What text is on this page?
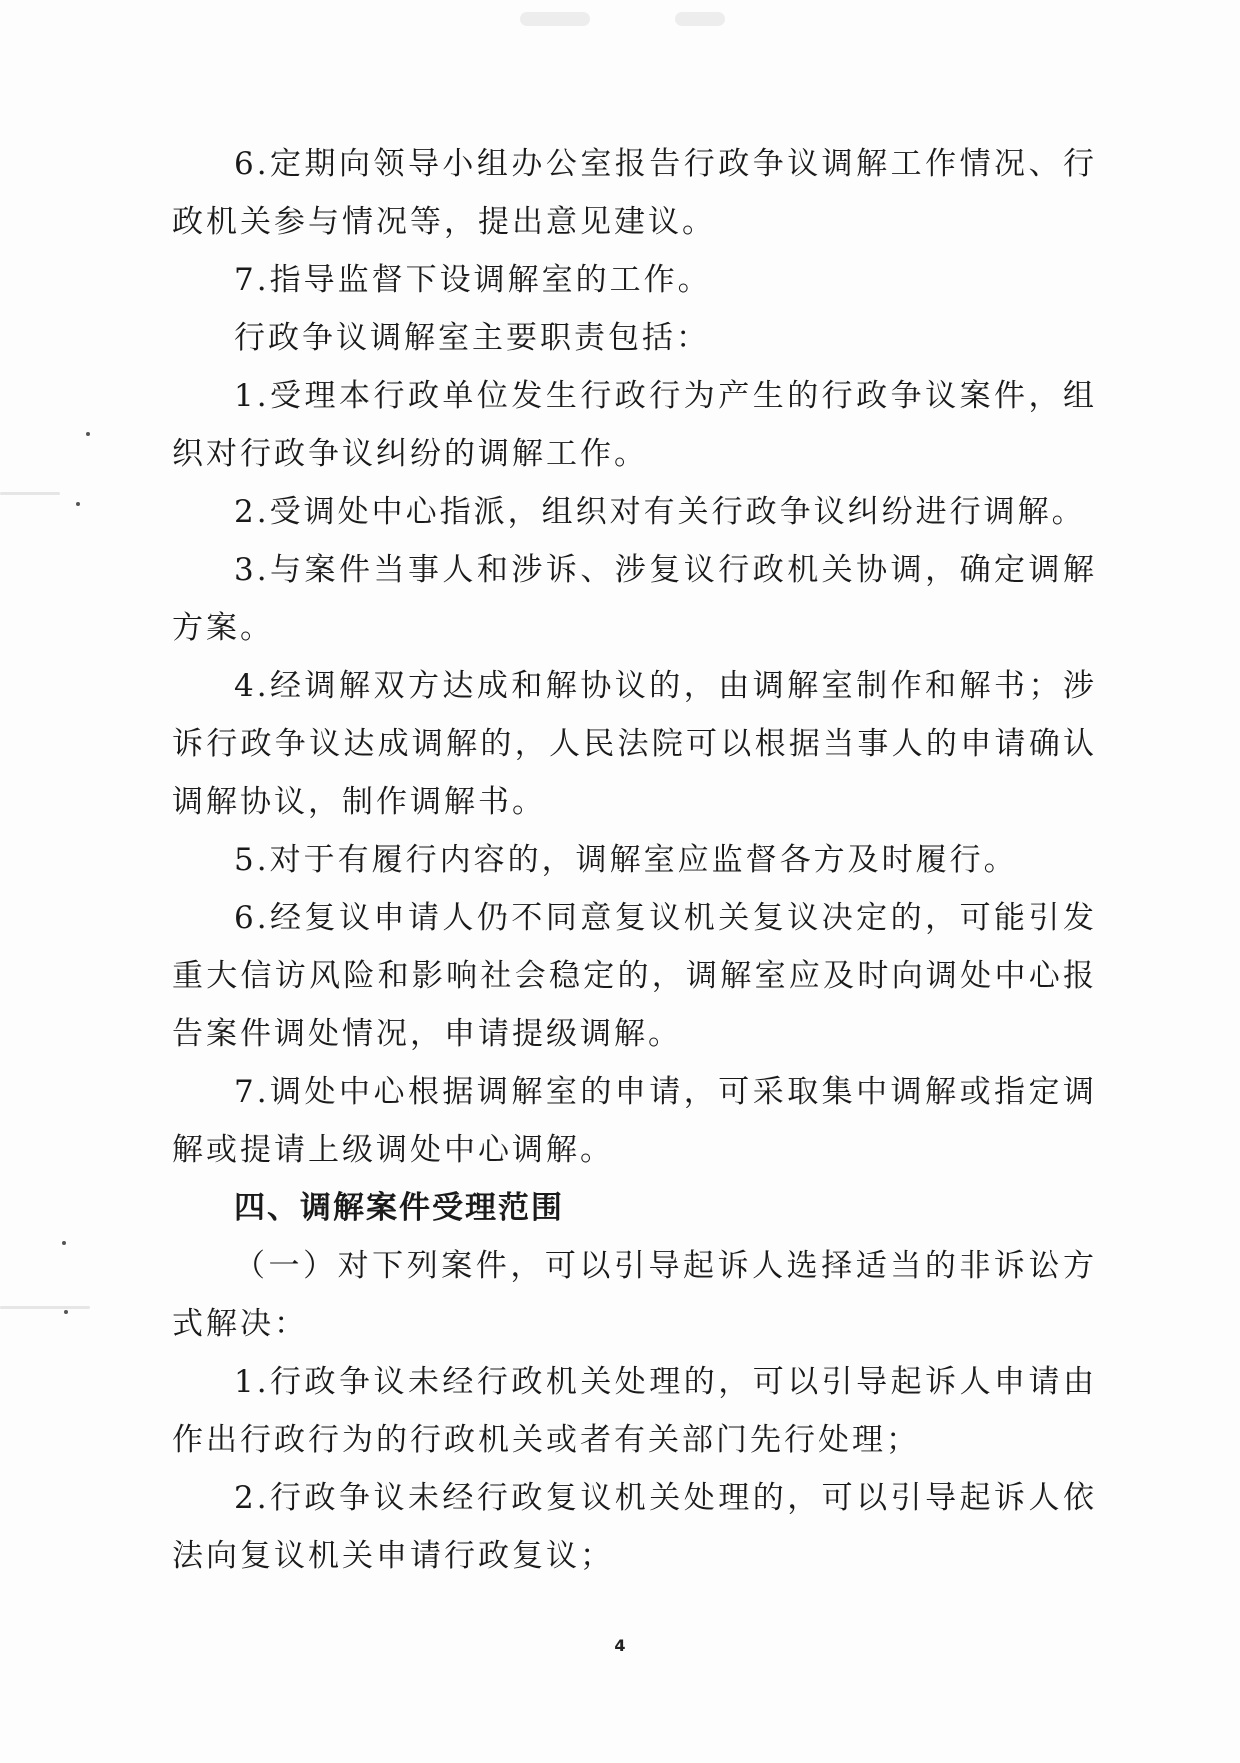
6.定期向领导小组办公室报告行政争议调解工作情况、行政机关参与情况等，提出意见建议。

7.指导监督下设调解室的工作。

行政争议调解室主要职责包括：

1.受理本行政单位发生行政行为产生的行政争议案件，组织对行政争议纠纷的调解工作。

2.受调处中心指派，组织对有关行政争议纠纷进行调解。

3.与案件当事人和涉诉、涉复议行政机关协调，确定调解方案。

4.经调解双方达成和解协议的，由调解室制作和解书；涉诉行政争议达成调解的，人民法院可以根据当事人的申请确认调解协议，制作调解书。

5.对于有履行内容的，调解室应监督各方及时履行。

6.经复议申请人仍不同意复议机关复议决定的，可能引发重大信访风险和影响社会稳定的，调解室应及时向调处中心报告案件调处情况，申请提级调解。

7.调处中心根据调解室的申请，可采取集中调解或指定调解或提请上级调处中心调解。

四、调解案件受理范围

（一）对下列案件，可以引导起诉人选择适当的非诉讼方式解决：

1.行政争议未经行政机关处理的，可以引导起诉人申请由作出行政行为的行政机关或者有关部门先行处理；

2.行政争议未经行政复议机关处理的，可以引导起诉人依法向复议机关申请行政复议；

4
